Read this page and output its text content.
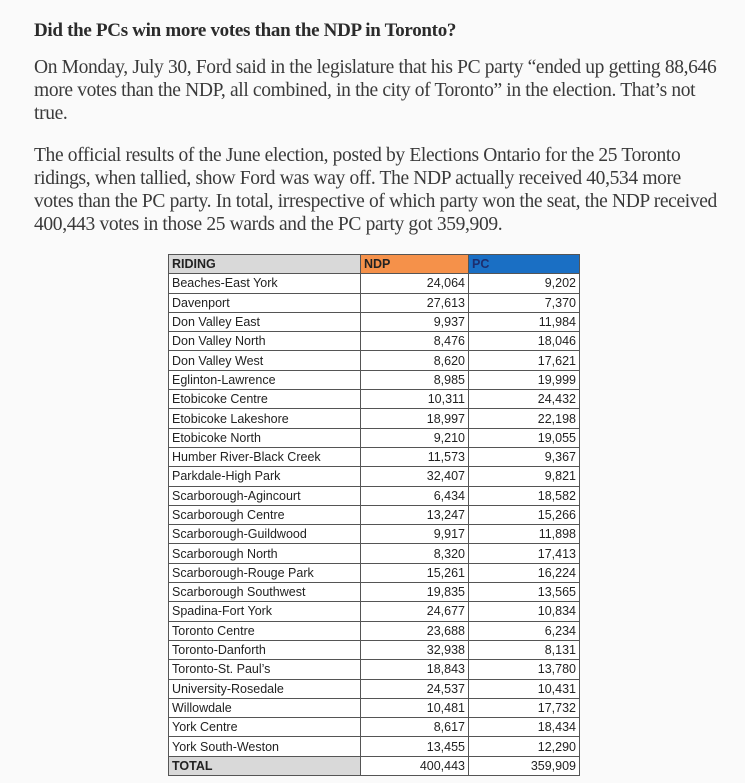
Did the PCs win more votes than the NDP in Toronto?

On Monday, July 30, Ford said in the legislature that his PC party “ended up getting 88,646 more votes than the NDP, all combined, in the city of Toronto” in the election. That’s not true.

The official results of the June election, posted by Elections Ontario for the 25 Toronto ridings, when tallied, show Ford was way off. The NDP actually received 40,534 more votes than the PC party. In total, irrespective of which party won the seat, the NDP received 400,443 votes in those 25 wards and the PC party got 359,909.

RIDING	NDP	PC
Beaches-East York	24,064	9,202
Davenport	27,613	7,370
Don Valley East	9,937	11,984
Don Valley North	8,476	18,046
Don Valley West	8,620	17,621
Eglinton-Lawrence	8,985	19,999
Etobicoke Centre	10,311	24,432
Etobicoke Lakeshore	18,997	22,198
Etobicoke North	9,210	19,055
Humber River-Black Creek	11,573	9,367
Parkdale-High Park	32,407	9,821
Scarborough-Agincourt	6,434	18,582
Scarborough Centre	13,247	15,266
Scarborough-Guildwood	9,917	11,898
Scarborough North	8,320	17,413
Scarborough-Rouge Park	15,261	16,224
Scarborough Southwest	19,835	13,565
Spadina-Fort York	24,677	10,834
Toronto Centre	23,688	6,234
Toronto-Danforth	32,938	8,131
Toronto-St. Paul’s	18,843	13,780
University-Rosedale	24,537	10,431
Willowdale	10,481	17,732
York Centre	8,617	18,434
York South-Weston	13,455	12,290
TOTAL	400,443	359,909
